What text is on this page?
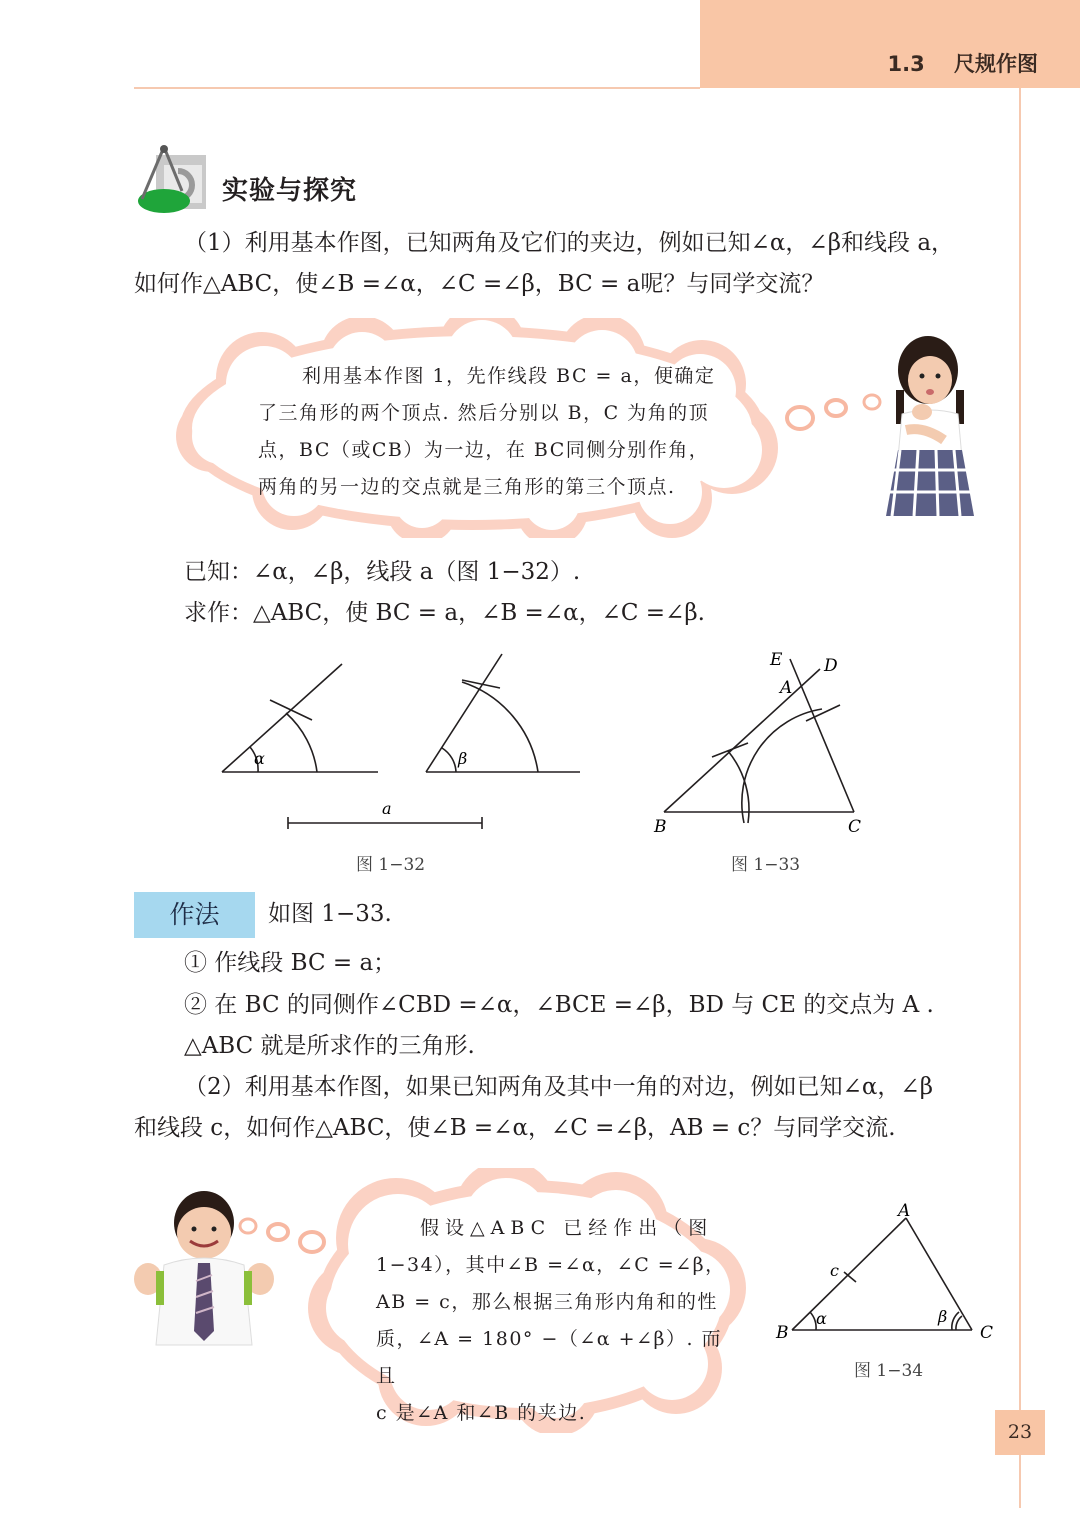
1.3    尺规作图
实验与探究
（1）利用基本作图，已知两角及它们的夹边，例如已知∠α，∠β和线段 a，
如何作△ABC，使∠B =∠α，∠C =∠β，BC = a呢？与同学交流？
利用基本作图 1，先作线段 BC = a，便确定
了三角形的两个顶点. 然后分别以 B，C 为角的顶
点，BC（或CB）为一边，在 BC同侧分别作角，
两角的另一边的交点就是三角形的第三个顶点.
已知：∠α，∠β，线段 a（图 1−32）.
求作：△ABC，使 BC = a，∠B =∠α，∠C =∠β.
α	β
a
图 1−32
E D
A
B	C
图 1−33
作法	如图 1−33.
① 作线段 BC = a；
② 在 BC 的同侧作∠CBD =∠α，∠BCE =∠β，BD 与 CE 的交点为 A .
△ABC 就是所求作的三角形.
（2）利用基本作图，如果已知两角及其中一角的对边，例如已知∠α，∠β
和线段 c，如何作△ABC，使∠B =∠α，∠C =∠β，AB = c？与同学交流.
假设△ABC 已经作出（图
1−34），其中∠B =∠α，∠C =∠β，
AB = c，那么根据三角形内角和的性
质，∠A = 180° −（∠α +∠β）. 而且
c 是∠A 和∠B 的夹边.
A
B	C
c
α	β
图 1−34
23
